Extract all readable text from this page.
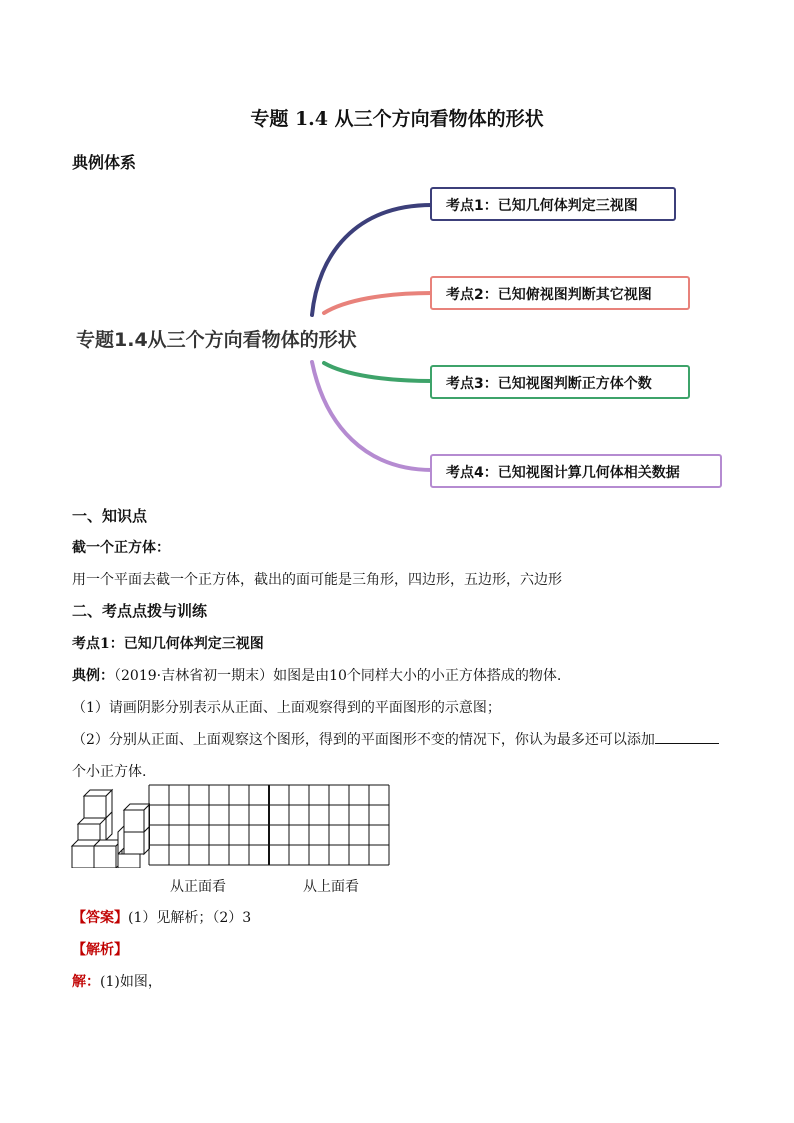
专题 1.4 从三个方向看物体的形状
典例体系
专题1.4从三个方向看物体的形状
考点1：已知几何体判定三视图
考点2：已知俯视图判断其它视图
考点3：已知视图判断正方体个数
考点4：已知视图计算几何体相关数据
一、知识点
截一个正方体：
用一个平面去截一个正方体，截出的面可能是三角形，四边形，五边形，六边形
二、考点点拨与训练
考点1：已知几何体判定三视图
典例：（2019·吉林省初一期末）如图是由10个同样大小的小正方体搭成的物体.
（1）请画阴影分别表示从正面、上面观察得到的平面图形的示意图；
（2）分别从正面、上面观察这个图形，得到的平面图形不变的情况下，你认为最多还可以添加
个小正方体.
从正面看	从上面看
【答案】(1）见解析；（2）3
【解析】
解：(1)如图，
